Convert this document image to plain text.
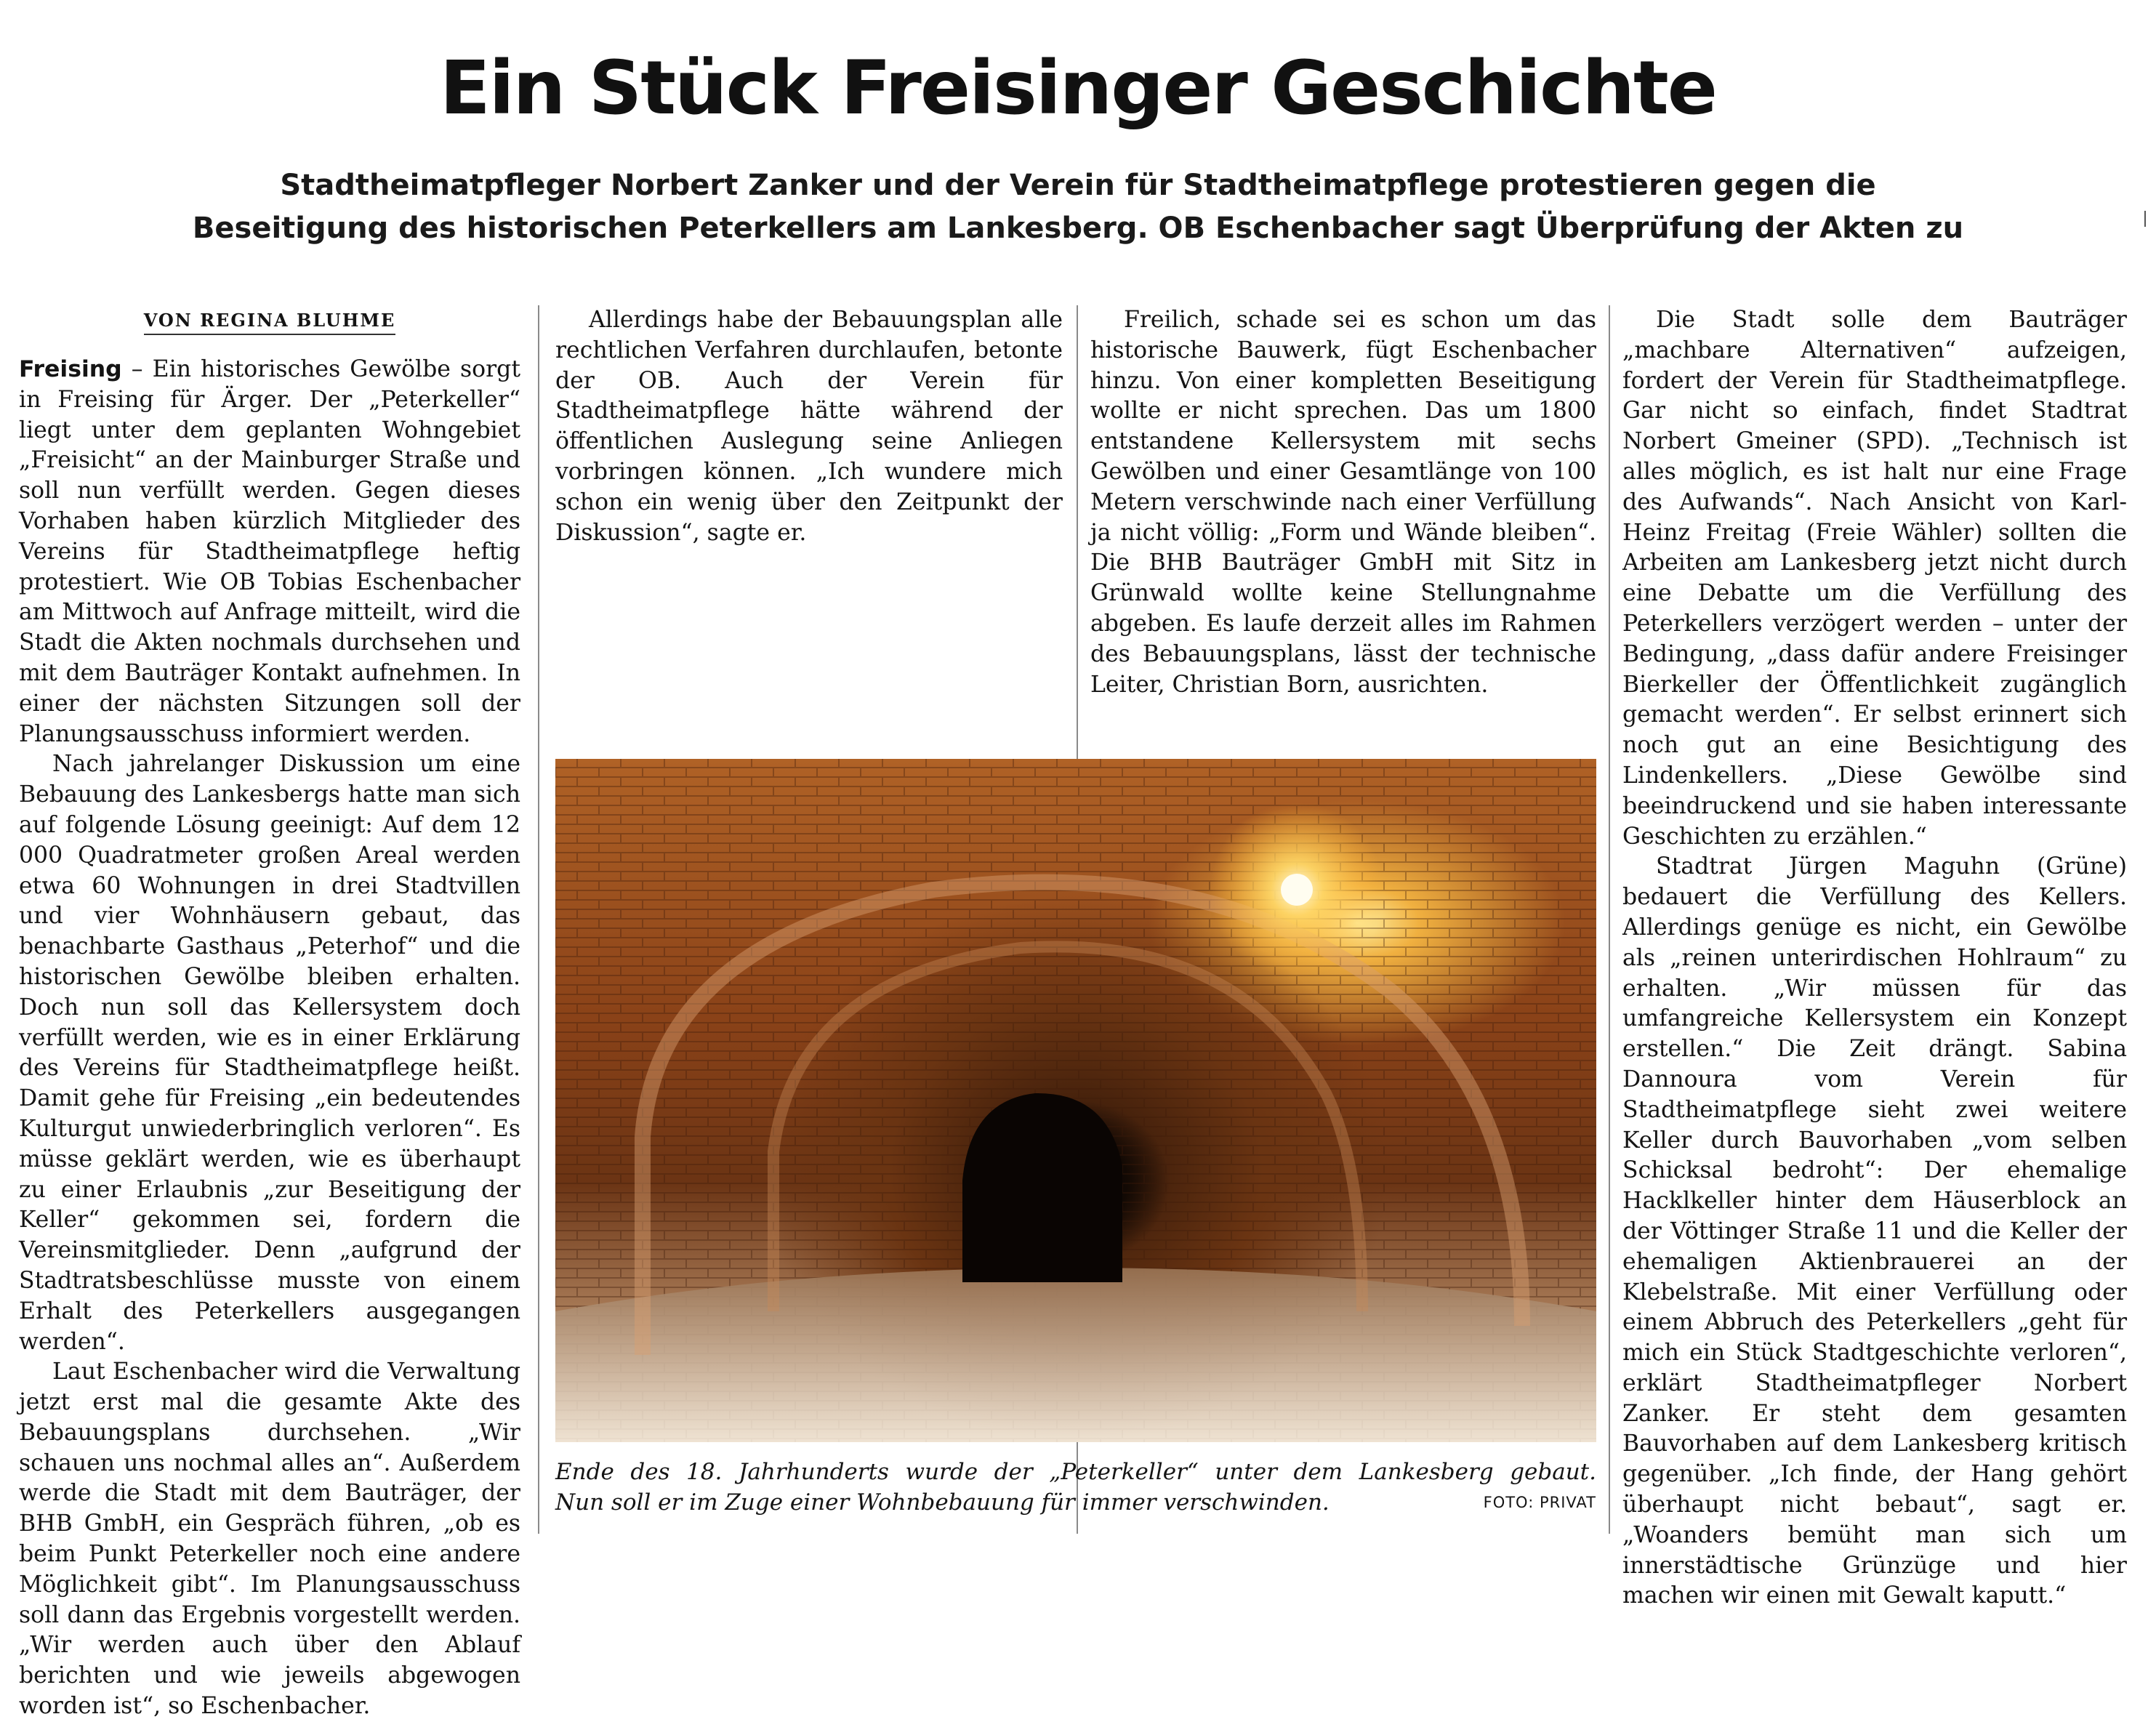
Ein Stück Freisinger Geschichte
Stadtheimatpfleger Norbert Zanker und der Verein für Stadtheimatpflege protestieren gegen die
Beseitigung des historischen Peterkellers am Lankesberg. OB Eschenbacher sagt Überprüfung der Akten zu
VON REGINA BLUHME

Freising – Ein historisches Gewölbe sorgt in Freising für Ärger. Der „Peterkeller“ liegt unter dem geplanten Wohngebiet „Freisicht“ an der Mainburger Straße und soll nun verfüllt werden. Gegen dieses Vorhaben haben kürzlich Mitglieder des Vereins für Stadtheimatpflege heftig protestiert. Wie OB Tobias Eschenbacher am Mittwoch auf Anfrage mitteilt, wird die Stadt die Akten nochmals durchsehen und mit dem Bauträger Kontakt aufnehmen. In einer der nächsten Sitzungen soll der Planungsausschuss informiert werden.

Nach jahrelanger Diskussion um eine Bebauung des Lankesbergs hatte man sich auf folgende Lösung geeinigt: Auf dem 12 000 Quadratmeter großen Areal werden etwa 60 Wohnungen in drei Stadtvillen und vier Wohnhäusern gebaut, das benachbarte Gasthaus „Peterhof“ und die historischen Gewölbe bleiben erhalten. Doch nun soll das Kellersystem doch verfüllt werden, wie es in einer Erklärung des Vereins für Stadtheimatpflege heißt. Damit gehe für Freising „ein bedeutendes Kulturgut unwiederbringlich verloren“. Es müsse geklärt werden, wie es überhaupt zu einer Erlaubnis „zur Beseitigung der Keller“ gekommen sei, fordern die Vereinsmitglieder. Denn „aufgrund der Stadtratsbeschlüsse musste von einem Erhalt des Peterkellers ausgegangen werden“.

Laut Eschenbacher wird die Verwaltung jetzt erst mal die gesamte Akte des Bebauungsplans durchsehen. „Wir schauen uns nochmal alles an“. Außerdem werde die Stadt mit dem Bauträger, der BHB GmbH, ein Gespräch führen, „ob es beim Punkt Peterkeller noch eine andere Möglichkeit gibt“. Im Planungsausschuss soll dann das Ergebnis vorgestellt werden. „Wir werden auch über den Ablauf berichten und wie jeweils abgewogen worden ist“, so Eschenbacher.

Allerdings habe der Bebauungsplan alle rechtlichen Verfahren durchlaufen, betonte der OB. Auch der Verein für Stadtheimatpflege hätte während der öffentlichen Auslegung seine Anliegen vorbringen können. „Ich wundere mich schon ein wenig über den Zeitpunkt der Diskussion“, sagte er.

Freilich, schade sei es schon um das historische Bauwerk, fügt Eschenbacher hinzu. Von einer kompletten Beseitigung wollte er nicht sprechen. Das um 1800 entstandene Kellersystem mit sechs Gewölben und einer Gesamtlänge von 100 Metern verschwinde nach einer Verfüllung ja nicht völlig: „Form und Wände bleiben“. Die BHB Bauträger GmbH mit Sitz in Grünwald wollte keine Stellungnahme abgeben. Es laufe derzeit alles im Rahmen des Bebauungsplans, lässt der technische Leiter, Christian Born, ausrichten.

Die Stadt solle dem Bauträger „machbare Alternativen“ aufzeigen, fordert der Verein für Stadtheimatpflege. Gar nicht so einfach, findet Stadtrat Norbert Gmeiner (SPD). „Technisch ist alles möglich, es ist halt nur eine Frage des Aufwands“. Nach Ansicht von Karl-Heinz Freitag (Freie Wähler) sollten die Arbeiten am Lankesberg jetzt nicht durch eine Debatte um die Verfüllung des Peterkellers verzögert werden – unter der Bedingung, „dass dafür andere Freisinger Bierkeller der Öffentlichkeit zugänglich gemacht werden“. Er selbst erinnert sich noch gut an eine Besichtigung des Lindenkellers. „Diese Gewölbe sind beeindruckend und sie haben interessante Geschichten zu erzählen.“

Stadtrat Jürgen Maguhn (Grüne) bedauert die Verfüllung des Kellers. Allerdings genüge es nicht, ein Gewölbe als „reinen unterirdischen Hohlraum“ zu erhalten. „Wir müssen für das umfangreiche Kellersystem ein Konzept erstellen.“ Die Zeit drängt. Sabina Dannoura vom Verein für Stadtheimatpflege sieht zwei weitere Keller durch Bauvorhaben „vom selben Schicksal bedroht“: Der ehemalige Hacklkeller hinter dem Häuserblock an der Vöttinger Straße 11 und die Keller der ehemaligen Aktienbrauerei an der Klebelstraße. Mit einer Verfüllung oder einem Abbruch des Peterkellers „geht für mich ein Stück Stadtgeschichte verloren“, erklärt Stadtheimatpfleger Norbert Zanker. Er steht dem gesamten Bauvorhaben auf dem Lankesberg kritisch gegenüber. „Ich finde, der Hang gehört überhaupt nicht bebaut“, sagt er. „Woanders bemüht man sich um innerstädtische Grünzüge und hier machen wir einen mit Gewalt kaputt.“

Ende des 18. Jahrhunderts wurde der „Peterkeller“ unter dem Lankesberg gebaut.
Nun soll er im Zuge einer Wohnbebauung für immer verschwinden.	FOTO: PRIVAT
